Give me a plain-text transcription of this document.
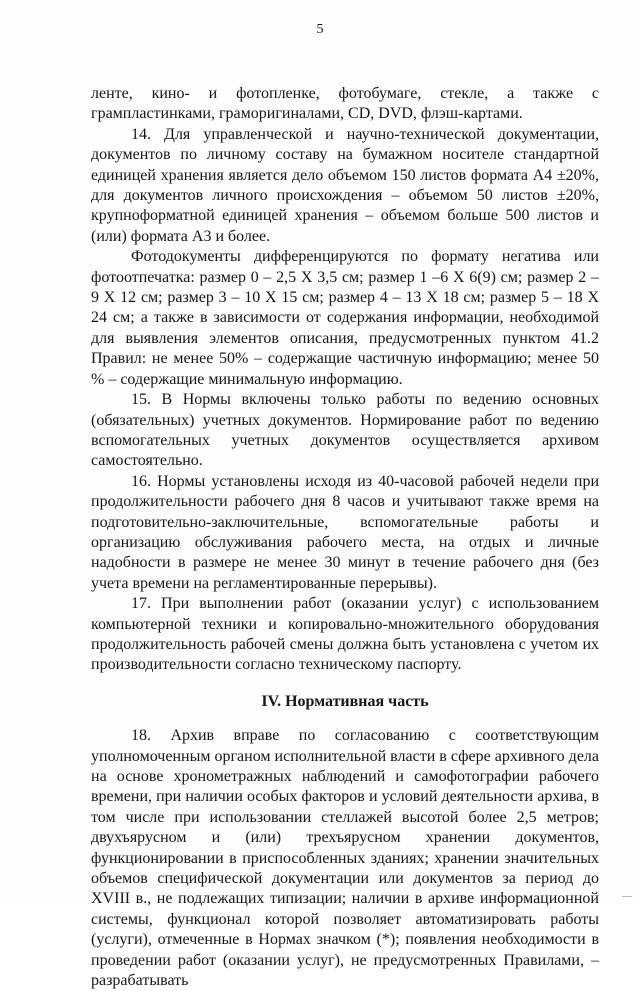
5

ленте, кино- и фотопленке, фотобумаге, стекле, а также с грампластинками, граморигиналами, CD, DVD, флэш-картами.

14. Для управленческой и научно-технической документации, документов по личному составу на бумажном носителе стандартной единицей хранения является дело объемом 150 листов формата А4 ±20%, для документов личного происхождения – объемом 50 листов ±20%, крупноформатной единицей хранения – объемом больше 500 листов и (или) формата А3 и более.

Фотодокументы дифференцируются по формату негатива или фотоотпечатка: размер 0 – 2,5 X 3,5 см; размер 1 –6 X 6(9) см; размер 2 – 9 X 12 см; размер 3 – 10 X 15 см; размер 4 – 13 X 18 см; размер 5 – 18 X 24 см; а также в зависимости от содержания информации, необходимой для выявления элементов описания, предусмотренных пунктом 41.2 Правил: не менее 50% – содержащие частичную информацию; менее 50 % – содержащие минимальную информацию.

15. В Нормы включены только работы по ведению основных (обязательных) учетных документов. Нормирование работ по ведению вспомогательных учетных документов осуществляется архивом самостоятельно.

16. Нормы установлены исходя из 40-часовой рабочей недели при продолжительности рабочего дня 8 часов и учитывают также время на подготовительно-заключительные, вспомогательные работы и организацию обслуживания рабочего места, на отдых и личные надобности в размере не менее 30 минут в течение рабочего дня (без учета времени на регламентированные перерывы).

17. При выполнении работ (оказании услуг) с использованием компьютерной техники и копировально-множительного оборудования продолжительность рабочей смены должна быть установлена с учетом их производительности согласно техническому паспорту.

IV. Нормативная часть

18. Архив вправе по согласованию с соответствующим уполномоченным органом исполнительной власти в сфере архивного дела на основе хронометражных наблюдений и самофотографии рабочего времени, при наличии особых факторов и условий деятельности архива, в том числе при использовании стеллажей высотой более 2,5 метров; двухъярусном и (или) трехъярусном хранении документов, функционировании в приспособленных зданиях; хранении значительных объемов специфической документации или документов за период до XVIII в., не подлежащих типизации; наличии в архиве информационной системы, функционал которой позволяет автоматизировать работы (услуги), отмеченные в Нормах значком (*); появления необходимости в проведении работ (оказании услуг), не предусмотренных Правилами, – разрабатывать
